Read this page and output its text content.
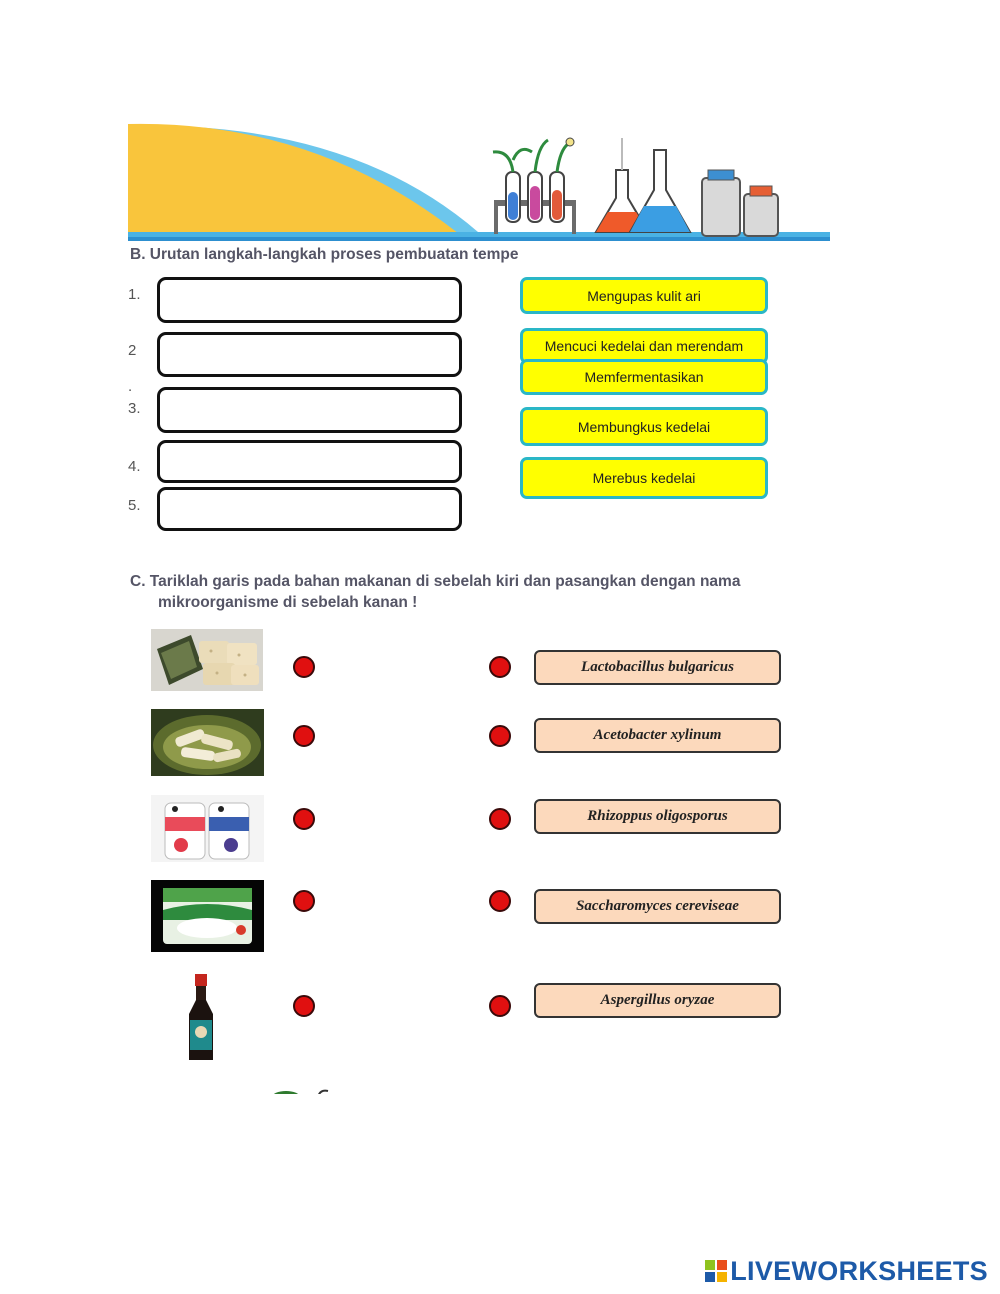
B. Urutan langkah-langkah proses pembuatan tempe
1.
2
.
3.
4.
5.
Mengupas kulit ari
Mencuci kedelai dan merendam
Memfermentasikan
Membungkus kedelai
Merebus kedelai
C. Tariklah garis pada bahan makanan di sebelah kiri dan pasangkan dengan nama
mikroorganisme di sebelah kanan !
Lactobacillus bulgaricus
Acetobacter xylinum
Rhizoppus oligosporus
Saccharomyces cereviseae
Aspergillus oryzae
LIVEWORKSHEETS
